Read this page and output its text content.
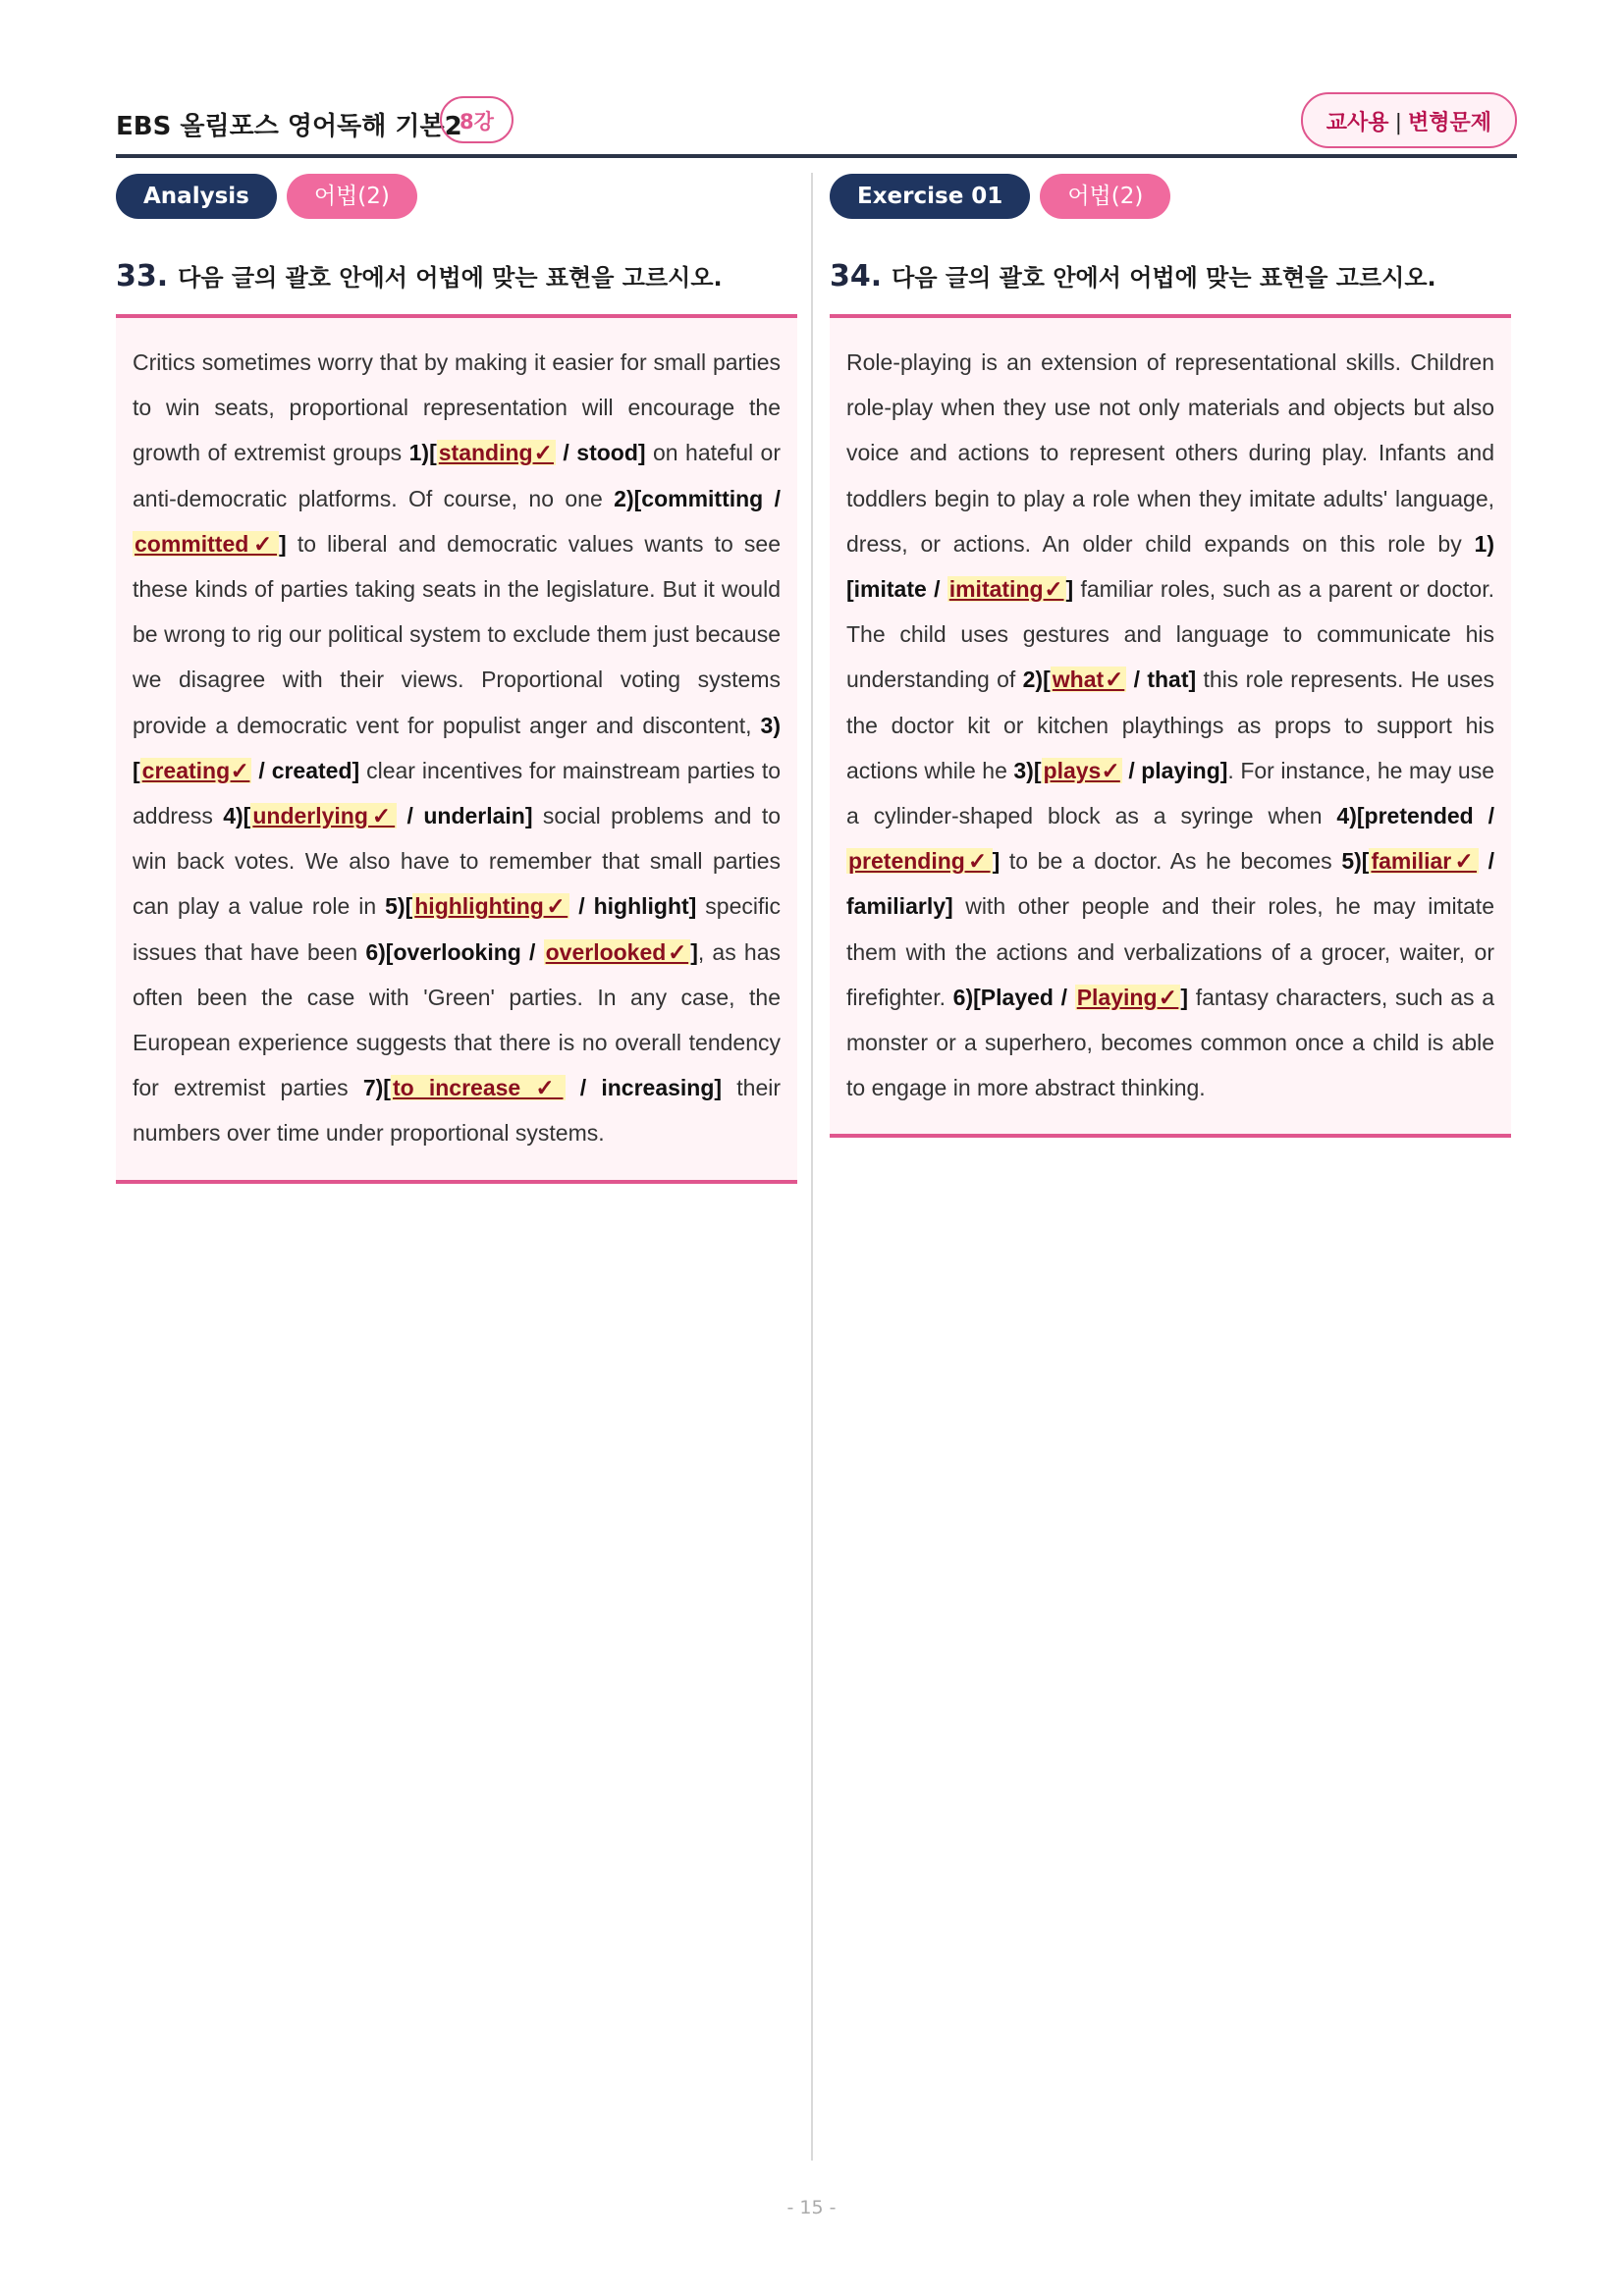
EBS 올림포스 영어독해 기본2
8강	교사용 | 변형문제
Analysis	어법(2)
33. 다음 글의 괄호 안에서 어법에 맞는 표현을 고르시오.

Critics sometimes worry that by making it easier for small parties to win seats, proportional representation will encourage the growth of extremist groups 1)[standing✓ / stood] on hateful or anti-democratic platforms. Of course, no one 2)[committing / committed✓] to liberal and democratic values wants to see these kinds of parties taking seats in the legislature. But it would be wrong to rig our political system to exclude them just because we disagree with their views. Proportional voting systems provide a democratic vent for populist anger and discontent, 3)[creating✓ / created] clear incentives for mainstream parties to address 4)[underlying✓ / underlain] social problems and to win back votes. We also have to remember that small parties can play a value role in 5)[highlighting✓ / highlight] specific issues that have been 6)[overlooking / overlooked✓], as has often been the case with 'Green' parties. In any case, the European experience suggests that there is no overall tendency for extremist parties 7)[to increase ✓ / increasing] their numbers over time under proportional systems.

Exercise 01	어법(2)
34. 다음 글의 괄호 안에서 어법에 맞는 표현을 고르시오.

Role-playing is an extension of representational skills. Children role-play when they use not only materials and objects but also voice and actions to represent others during play. Infants and toddlers begin to play a role when they imitate adults' language, dress, or actions. An older child expands on this role by 1)[imitate / imitating✓] familiar roles, such as a parent or doctor. The child uses gestures and language to communicate his understanding of 2)[what✓ / that] this role represents. He uses the doctor kit or kitchen playthings as props to support his actions while he 3)[plays✓ / playing]. For instance, he may use a cylinder-shaped block as a syringe when 4)[pretended / pretending✓] to be a doctor. As he becomes 5)[familiar✓ / familiarly] with other people and their roles, he may imitate them with the actions and verbalizations of a grocer, waiter, or firefighter. 6)[Played / Playing✓] fantasy characters, such as a monster or a superhero, becomes common once a child is able to engage in more abstract thinking.

- 15 -
